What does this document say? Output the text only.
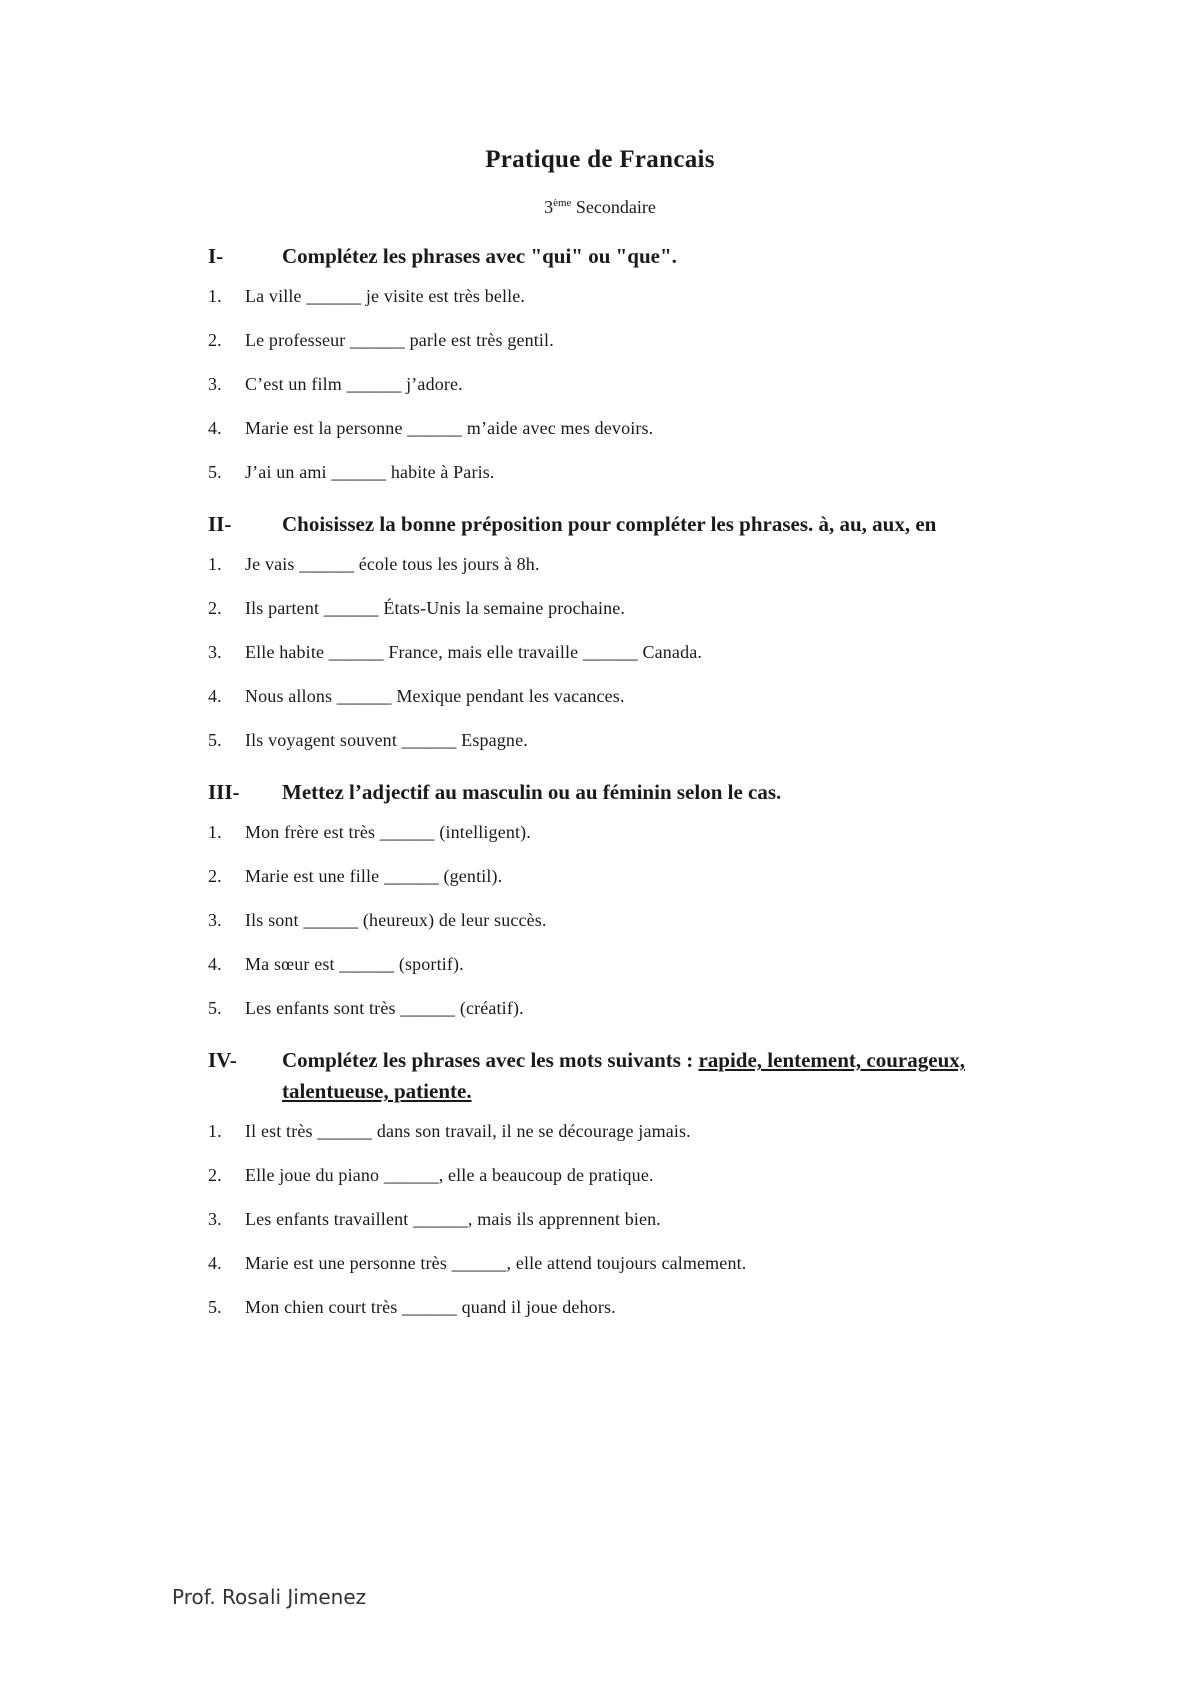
Pratique de Francais
3ème Secondaire
I-	Complétez les phrases avec "qui" ou "que".
1.	La ville ______ je visite est très belle.
2.	Le professeur ______ parle est très gentil.
3.	C’est un film ______ j’adore.
4.	Marie est la personne ______ m’aide avec mes devoirs.
5.	J’ai un ami ______ habite à Paris.
II-	Choisissez la bonne préposition pour compléter les phrases. à, au, aux, en
1.	Je vais ______ école tous les jours à 8h.
2.	Ils partent ______ États-Unis la semaine prochaine.
3.	Elle habite ______ France, mais elle travaille ______ Canada.
4.	Nous allons ______ Mexique pendant les vacances.
5.	Ils voyagent souvent ______ Espagne.
III-	Mettez l’adjectif au masculin ou au féminin selon le cas.
1.	Mon frère est très ______ (intelligent).
2.	Marie est une fille ______ (gentil).
3.	Ils sont ______ (heureux) de leur succès.
4.	Ma sœur est ______ (sportif).
5.	Les enfants sont très ______ (créatif).
IV-	Complétez les phrases avec les mots suivants : rapide, lentement, courageux, talentueuse, patiente.
1.	Il est très ______ dans son travail, il ne se décourage jamais.
2.	Elle joue du piano ______, elle a beaucoup de pratique.
3.	Les enfants travaillent ______, mais ils apprennent bien.
4.	Marie est une personne très ______, elle attend toujours calmement.
5.	Mon chien court très ______ quand il joue dehors.
Prof. Rosali Jimenez
